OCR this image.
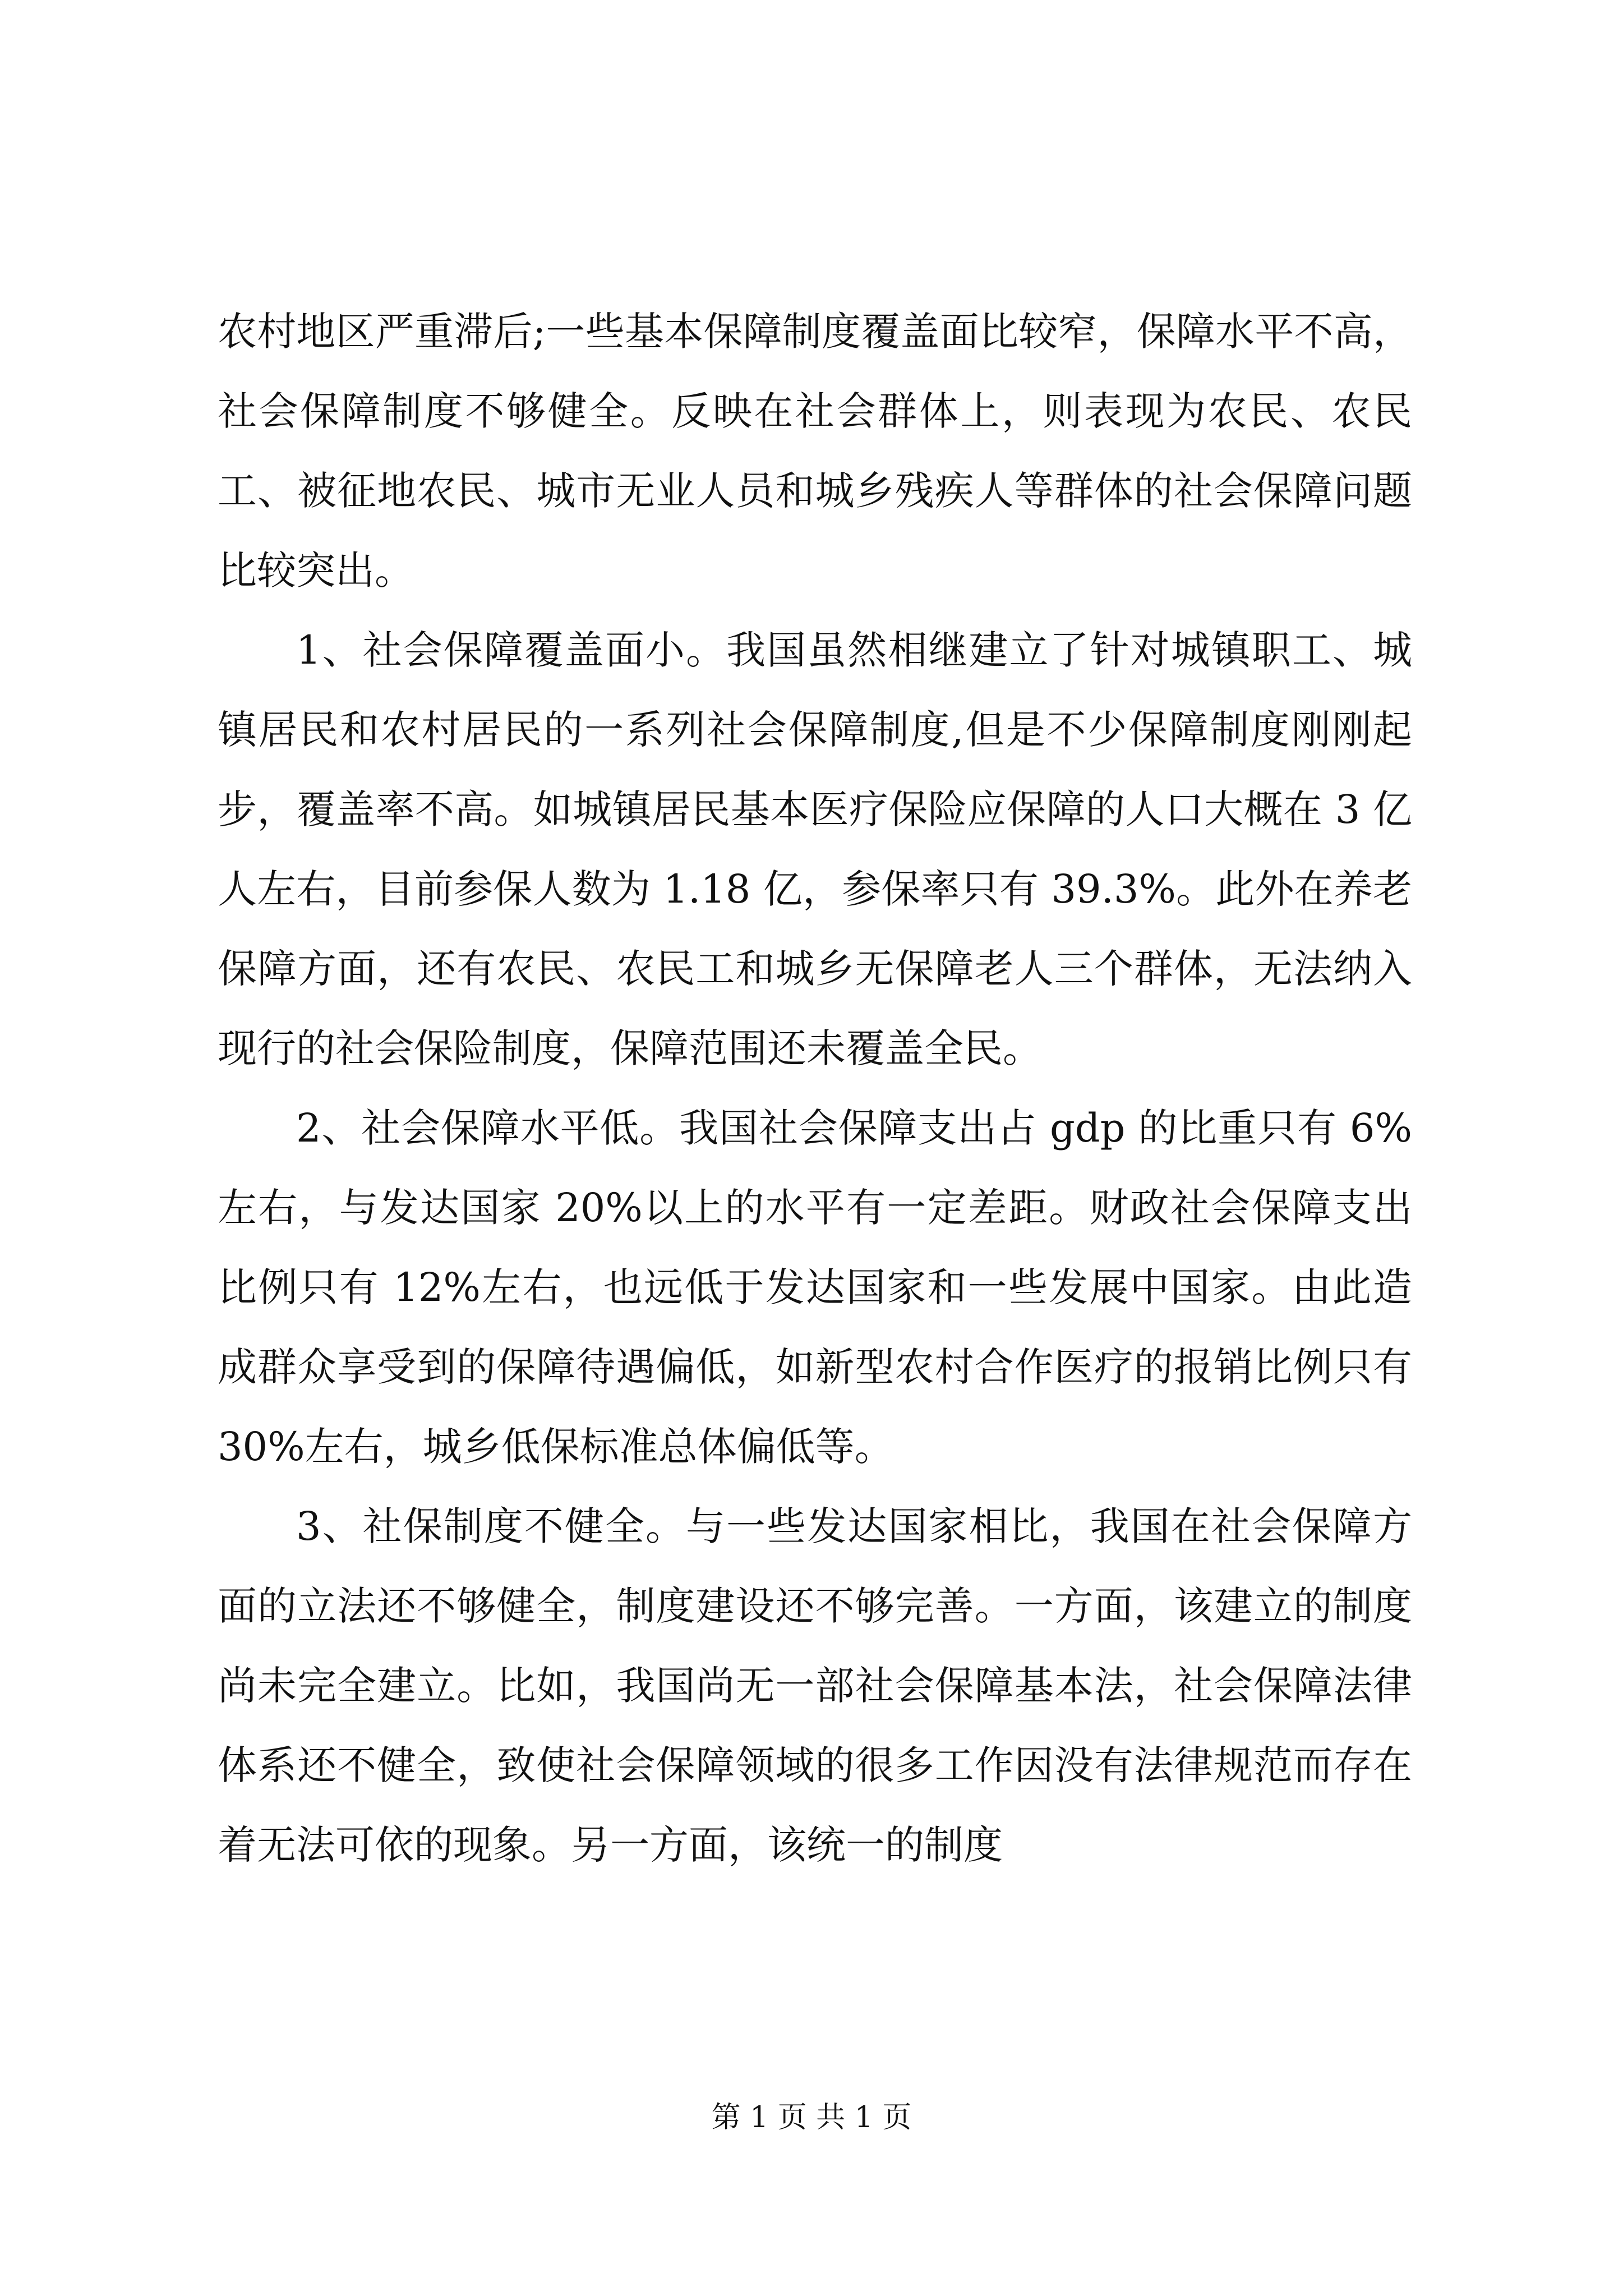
农村地区严重滞后;一些基本保障制度覆盖面比较窄，保障水平不高，社会保障制度不够健全。反映在社会群体上，则表现为农民、农民工、被征地农民、城市无业人员和城乡残疾人等群体的社会保障问题比较突出。

1、社会保障覆盖面小。我国虽然相继建立了针对城镇职工、城镇居民和农村居民的一系列社会保障制度,但是不少保障制度刚刚起步，覆盖率不高。如城镇居民基本医疗保险应保障的人口大概在 3 亿人左右，目前参保人数为 1.18 亿，参保率只有 39.3%。此外在养老保障方面，还有农民、农民工和城乡无保障老人三个群体，无法纳入现行的社会保险制度，保障范围还未覆盖全民。

2、社会保障水平低。我国社会保障支出占 gdp 的比重只有 6%左右，与发达国家 20%以上的水平有一定差距。财政社会保障支出比例只有 12%左右，也远低于发达国家和一些发展中国家。由此造成群众享受到的保障待遇偏低，如新型农村合作医疗的报销比例只有 30%左右，城乡低保标准总体偏低等。

3、社保制度不健全。与一些发达国家相比，我国在社会保障方面的立法还不够健全，制度建设还不够完善。一方面，该建立的制度尚未完全建立。比如，我国尚无一部社会保障基本法，社会保障法律体系还不健全，致使社会保障领域的很多工作因没有法律规范而存在着无法可依的现象。另一方面，该统一的制度

第 1 页 共 1 页
